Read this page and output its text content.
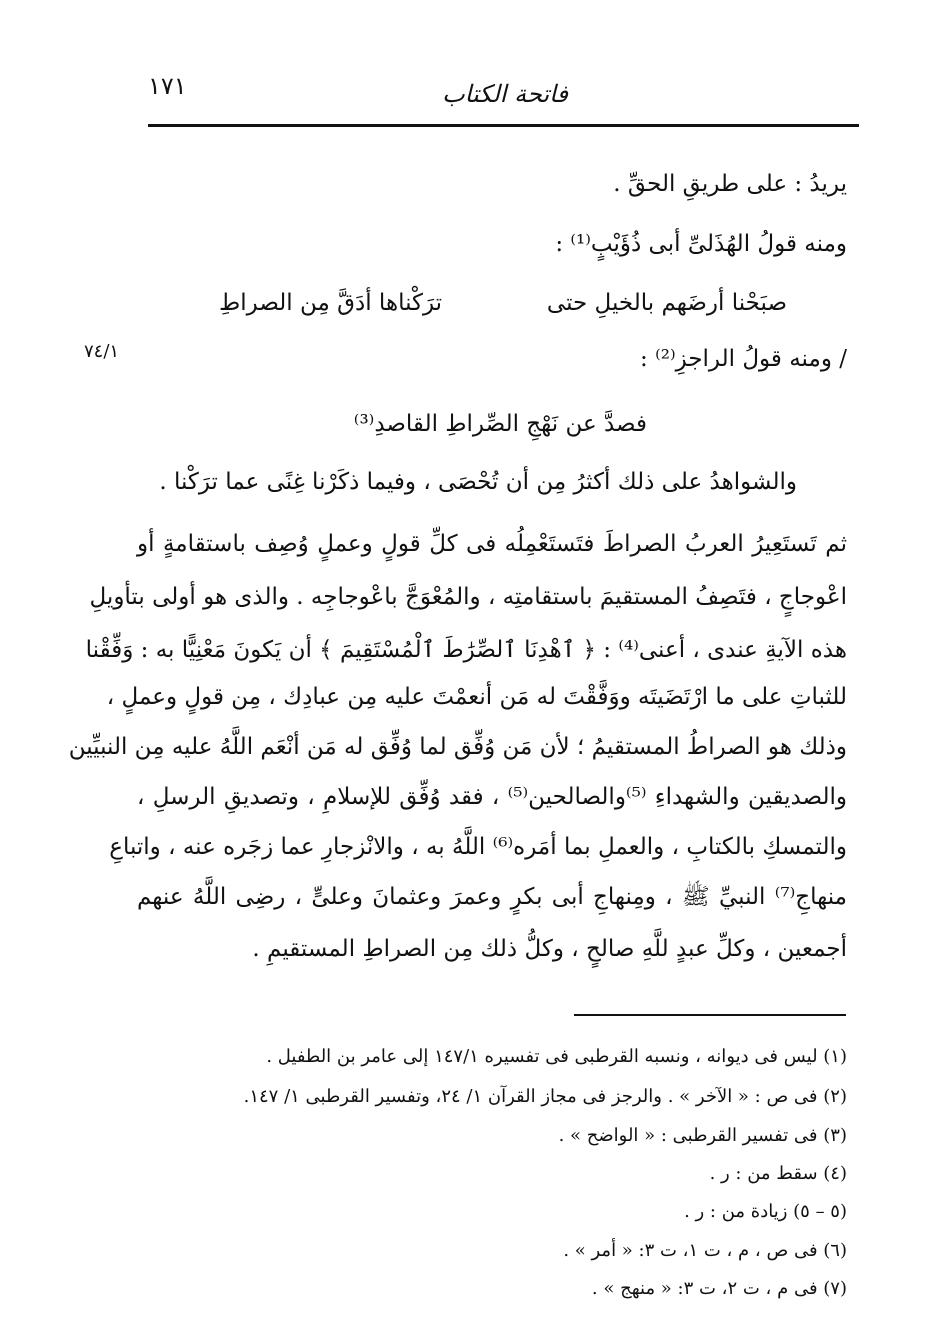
١٧١	فاتحة الكتاب
٧٤/١
يريدُ : على طريقِ الحقِّ .
ومنه قولُ الهُذَلىِّ أبى ذُؤَيْبٍ⁽¹⁾ :
صبَحْنا أرضَهم بالخيلِ حتى
ترَكْناها أدَقَّ مِن الصراطِ
/ ومنه قولُ الراجزِ⁽²⁾ :
فصدَّ عن نَهْجِ الصِّراطِ القاصدِ⁽³⁾
والشواهدُ على ذلك أكثرُ مِن أن تُحْصَى ، وفيما ذكَرْنا غِنًى عما ترَكْنا .
ثم تَستَعِيرُ العربُ الصراطَ فتَستَعْمِلُه فى كلِّ قولٍ وعملٍ وُصِف باستقامةٍ أو
اعْوجاجٍ ، فتَصِفُ المستقيمَ باستقامتِه ، والمُعْوَجَّ باعْوجاجِه . والذى هو أولى بتأويلِ
هذه الآيةِ عندى ، أعنى⁽⁴⁾ : ﴿ ٱهْدِنَا ٱلصِّرَٰطَ ٱلْمُسْتَقِيمَ ﴾ أن يَكونَ مَعْنِيًّا به : وَفِّقْنا
للثباتِ على ما ارْتَضَيتَه ووَفَّقْتَ له مَن أنعمْتَ عليه مِن عبادِك ، مِن قولٍ وعملٍ ،
وذلك هو الصراطُ المستقيمُ ؛ لأن مَن وُفِّق لما وُفِّق له مَن أنْعَم اللَّهُ عليه مِن النبيِّين
والصديقين والشهداءِ ⁽⁵⁾والصالحين⁽⁵⁾ ، فقد وُفِّق للإسلامِ ، وتصديقِ الرسلِ ،
والتمسكِ بالكتابِ ، والعملِ بما أمَره⁽⁶⁾ اللَّهُ به ، والانْزجارِ عما زجَره عنه ، واتباعِ
منهاجِ⁽⁷⁾ النبيِّ ﷺ ، ومِنهاجِ أبى بكرٍ وعمرَ وعثمانَ وعلىٍّ ، رضِى اللَّهُ عنهم
أجمعين ، وكلِّ عبدٍ للَّهِ صالحٍ ، وكلُّ ذلك مِن الصراطِ المستقيمِ .
(١) ليس فى ديوانه ، ونسبه القرطبى فى تفسيره ١٤٧/١ إلى عامر بن الطفيل .
(٢) فى ص : « الآخر » . والرجز فى مجاز القرآن ١/ ٢٤، وتفسير القرطبى ١/ ١٤٧.
(٣) فى تفسير القرطبى : « الواضح » .
(٤) سقط من : ر .
(٥ – ٥) زيادة من : ر .
(٦) فى ص ، م ، ت ١، ت ٣: « أمر » .
(٧) فى م ، ت ٢، ت ٣: « منهج » .
